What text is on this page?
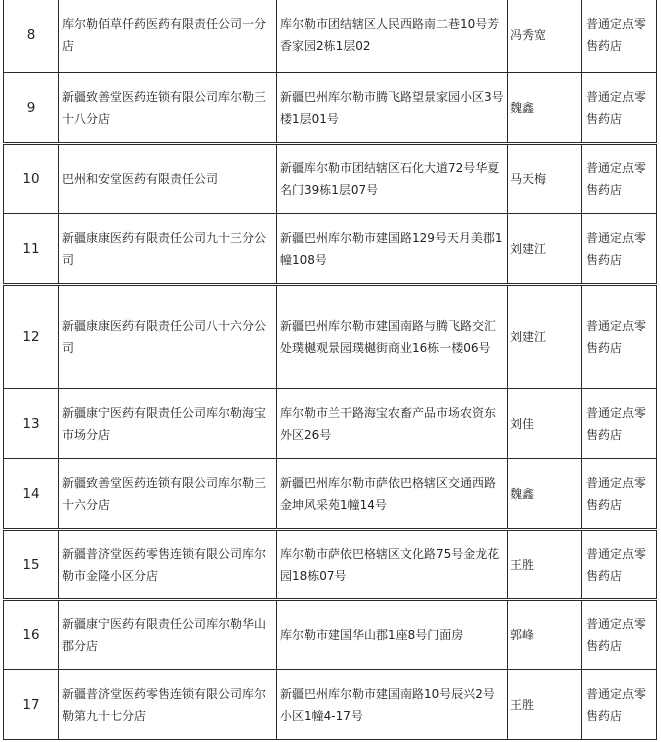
8	库尔勒佰草仟药医药有限责任公司一分店	库尔勒市团结辖区人民西路南二巷10号芳香家园2栋1层02	冯秀宽	普通定点零售药店
9	新疆致善堂医药连锁有限公司库尔勒三十八分店	新疆巴州库尔勒市腾飞路望景家园小区3号楼1层01号	魏鑫	普通定点零售药店
10	巴州和安堂医药有限责任公司	新疆库尔勒市团结辖区石化大道72号华夏名门39栋1层07号	马天梅	普通定点零售药店
11	新疆康康医药有限责任公司九十三分公司	新疆巴州库尔勒市建国路129号天月美郡1幢108号	刘建江	普通定点零售药店
12	新疆康康医药有限责任公司八十六分公司	新疆巴州库尔勒市建国南路与腾飞路交汇处璞樾观景园璞樾街商业16栋一楼06号	刘建江	普通定点零售药店
13	新疆康宁医药有限责任公司库尔勒海宝市场分店	库尔勒市兰干路海宝农畜产品市场农资东外区26号	刘佳	普通定点零售药店
14	新疆致善堂医药连锁有限公司库尔勒三十六分店	新疆巴州库尔勒市萨依巴格辖区交通西路金坤风采苑1幢14号	魏鑫	普通定点零售药店
15	新疆普济堂医药零售连锁有限公司库尔勒市金隆小区分店	库尔勒市萨依巴格辖区文化路75号金龙花园18栋07号	王胜	普通定点零售药店
16	新疆康宁医药有限责任公司库尔勒华山郡分店	库尔勒市建国华山郡1座8号门面房	郭峰	普通定点零售药店
17	新疆普济堂医药零售连锁有限公司库尔勒第九十七分店	新疆巴州库尔勒市建国南路10号辰兴2号小区1幢4-17号	王胜	普通定点零售药店
